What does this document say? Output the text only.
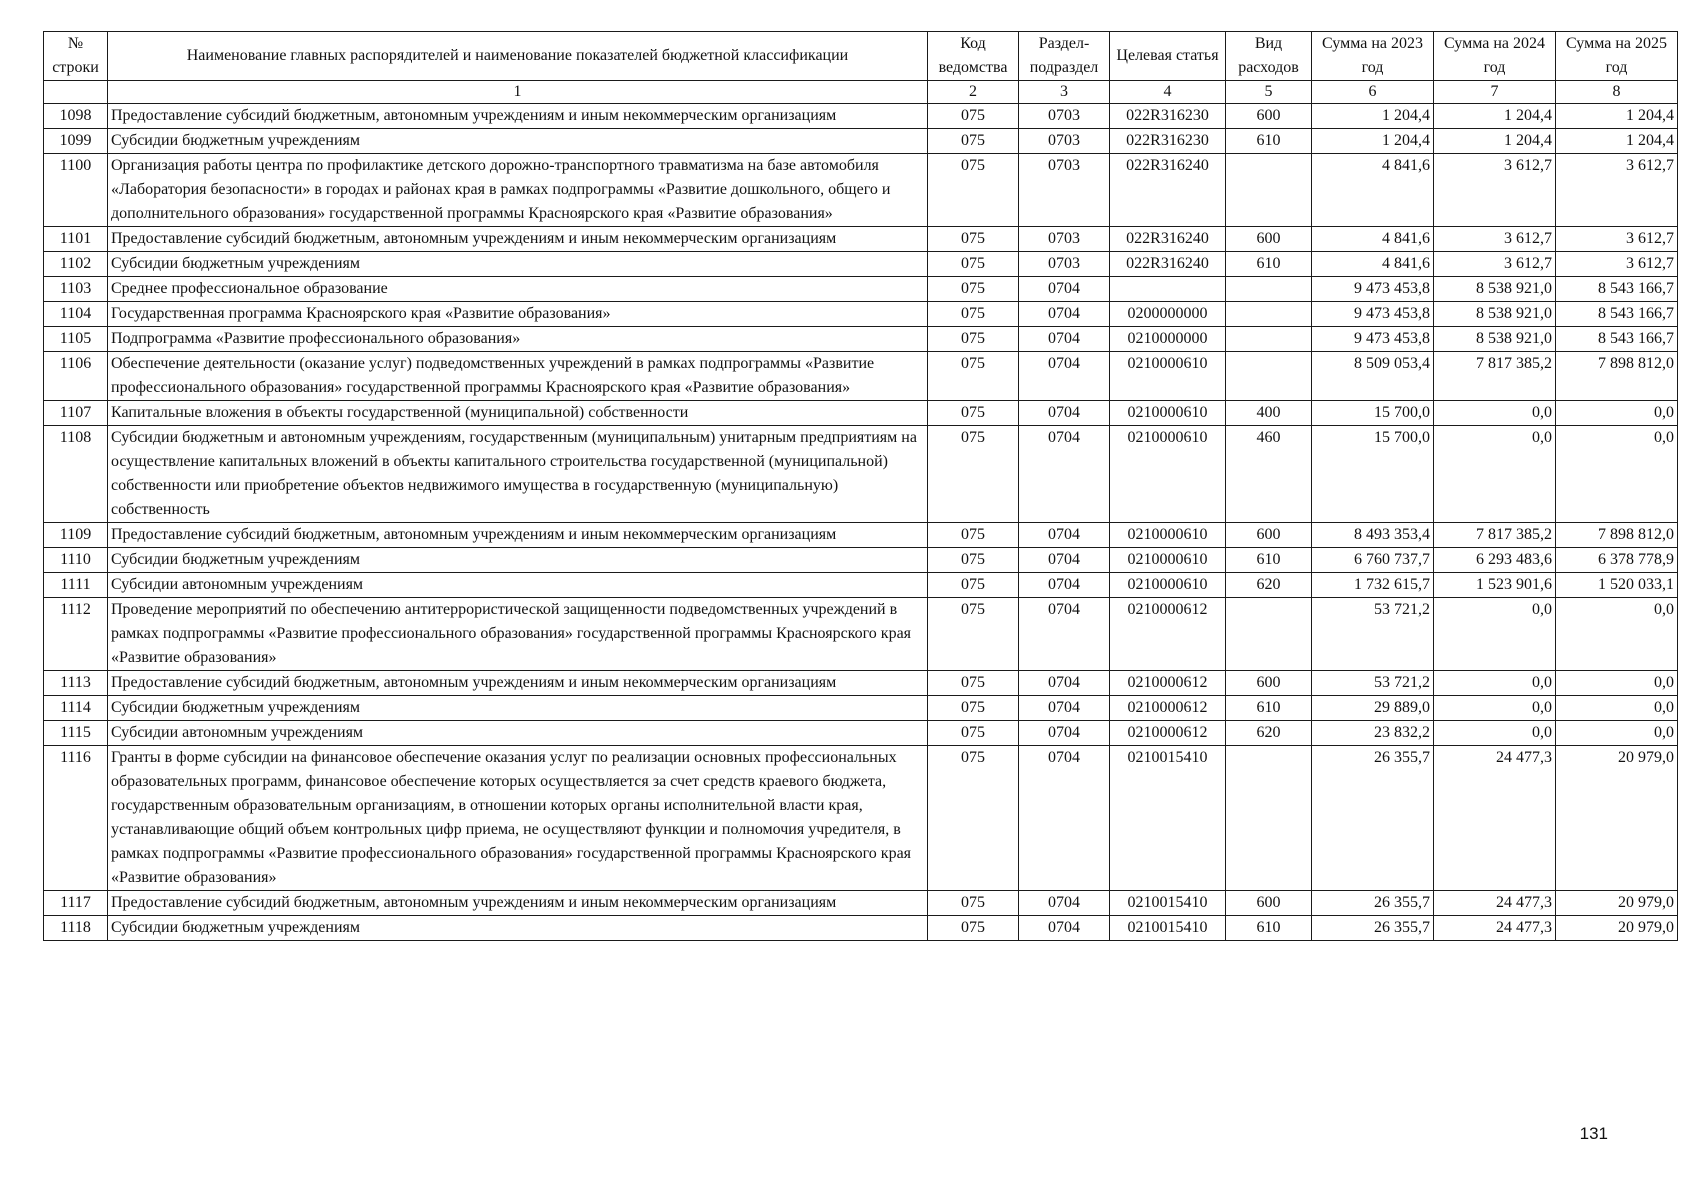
№ строки	Наименование главных распорядителей и наименование показателей бюджетной классификации	Код ведомства	Раздел-подраздел	Целевая статья	Вид расходов	Сумма на 2023 год	Сумма на 2024 год	Сумма на 2025 год
	1	2	3	4	5	6	7	8
1098	Предоставление субсидий бюджетным, автономным учреждениям и иным некоммерческим организациям	075	0703	022R316230	600	1 204,4	1 204,4	1 204,4
1099	Субсидии бюджетным учреждениям	075	0703	022R316230	610	1 204,4	1 204,4	1 204,4
1100	Организация работы центра по профилактике детского дорожно-транспортного травматизма на базе автомобиля «Лаборатория безопасности» в городах и районах края в рамках подпрограммы «Развитие дошкольного, общего и дополнительного образования» государственной программы Красноярского края «Развитие образования»	075	0703	022R316240		4 841,6	3 612,7	3 612,7
1101	Предоставление субсидий бюджетным, автономным учреждениям и иным некоммерческим организациям	075	0703	022R316240	600	4 841,6	3 612,7	3 612,7
1102	Субсидии бюджетным учреждениям	075	0703	022R316240	610	4 841,6	3 612,7	3 612,7
1103	Среднее профессиональное образование	075	0704			9 473 453,8	8 538 921,0	8 543 166,7
1104	Государственная программа Красноярского края «Развитие образования»	075	0704	0200000000		9 473 453,8	8 538 921,0	8 543 166,7
1105	Подпрограмма «Развитие профессионального образования»	075	0704	0210000000		9 473 453,8	8 538 921,0	8 543 166,7
1106	Обеспечение деятельности (оказание услуг) подведомственных учреждений в рамках подпрограммы «Развитие профессионального образования» государственной программы Красноярского края «Развитие образования»	075	0704	0210000610		8 509 053,4	7 817 385,2	7 898 812,0
1107	Капитальные вложения в объекты государственной (муниципальной) собственности	075	0704	0210000610	400	15 700,0	0,0	0,0
1108	Субсидии бюджетным и автономным учреждениям, государственным (муниципальным) унитарным предприятиям на осуществление капитальных вложений в объекты капитального строительства государственной (муниципальной) собственности или приобретение объектов недвижимого имущества в государственную (муниципальную) собственность	075	0704	0210000610	460	15 700,0	0,0	0,0
1109	Предоставление субсидий бюджетным, автономным учреждениям и иным некоммерческим организациям	075	0704	0210000610	600	8 493 353,4	7 817 385,2	7 898 812,0
1110	Субсидии бюджетным учреждениям	075	0704	0210000610	610	6 760 737,7	6 293 483,6	6 378 778,9
1111	Субсидии автономным учреждениям	075	0704	0210000610	620	1 732 615,7	1 523 901,6	1 520 033,1
1112	Проведение мероприятий по обеспечению антитеррористической защищенности подведомственных учреждений в рамках подпрограммы «Развитие профессионального образования» государственной программы Красноярского края «Развитие образования»	075	0704	0210000612		53 721,2	0,0	0,0
1113	Предоставление субсидий бюджетным, автономным учреждениям и иным некоммерческим организациям	075	0704	0210000612	600	53 721,2	0,0	0,0
1114	Субсидии бюджетным учреждениям	075	0704	0210000612	610	29 889,0	0,0	0,0
1115	Субсидии автономным учреждениям	075	0704	0210000612	620	23 832,2	0,0	0,0
1116	Гранты в форме субсидии на финансовое обеспечение оказания услуг по реализации основных профессиональных образовательных программ, финансовое обеспечение которых осуществляется за счет средств краевого бюджета, государственным образовательным организациям, в отношении которых органы исполнительной власти края, устанавливающие общий объем контрольных цифр приема, не осуществляют функции и полномочия учредителя, в рамках подпрограммы «Развитие профессионального образования» государственной программы Красноярского края «Развитие образования»	075	0704	0210015410		26 355,7	24 477,3	20 979,0
1117	Предоставление субсидий бюджетным, автономным учреждениям и иным некоммерческим организациям	075	0704	0210015410	600	26 355,7	24 477,3	20 979,0
1118	Субсидии бюджетным учреждениям	075	0704	0210015410	610	26 355,7	24 477,3	20 979,0
131
